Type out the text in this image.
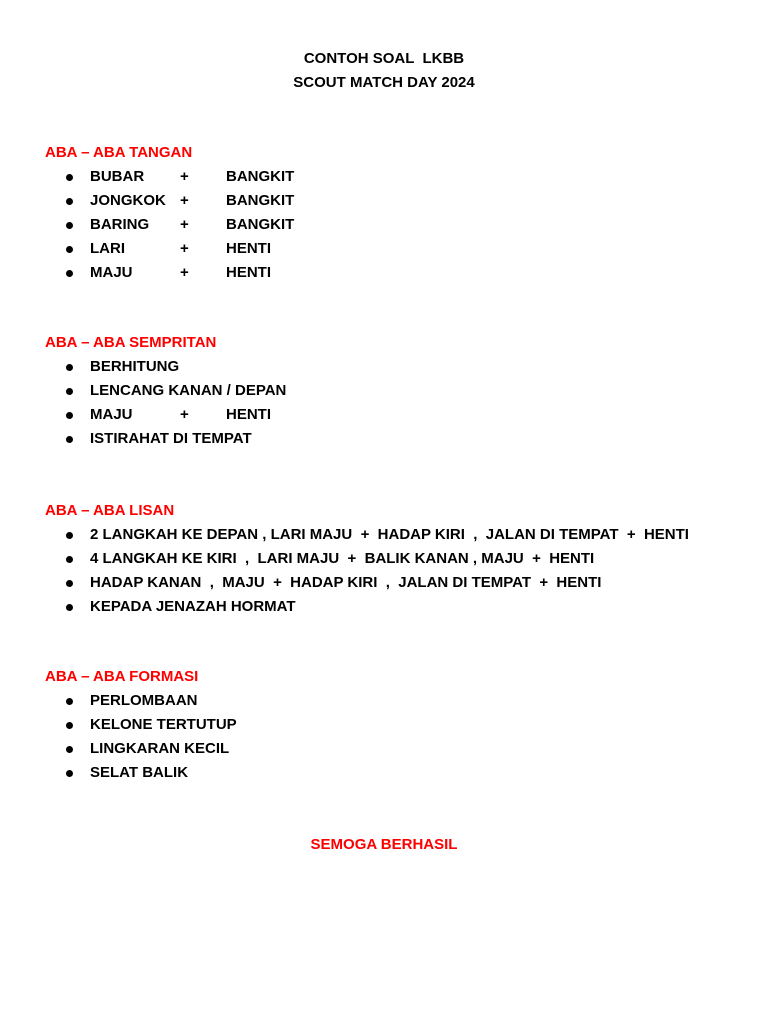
CONTOH SOAL  LKBB
SCOUT MATCH DAY 2024
ABA – ABA TANGAN
BUBAR + BANGKIT
JONGKOK + BANGKIT
BARING + BANGKIT
LARI	+ HENTI
MAJU	+ HENTI
ABA – ABA SEMPRITAN
BERHITUNG
LENCANG KANAN / DEPAN
MAJU	+ HENTI
ISTIRAHAT DI TEMPAT
ABA – ABA LISAN
2 LANGKAH KE DEPAN , LARI MAJU  +  HADAP KIRI  ,  JALAN DI TEMPAT  +  HENTI
4 LANGKAH KE KIRI  ,  LARI MAJU  +  BALIK KANAN , MAJU  +  HENTI
HADAP KANAN  ,  MAJU  +  HADAP KIRI  ,  JALAN DI TEMPAT  +  HENTI
KEPADA JENAZAH HORMAT
ABA – ABA FORMASI
PERLOMBAAN
KELONE TERTUTUP
LINGKARAN KECIL
SELAT BALIK
SEMOGA BERHASIL
